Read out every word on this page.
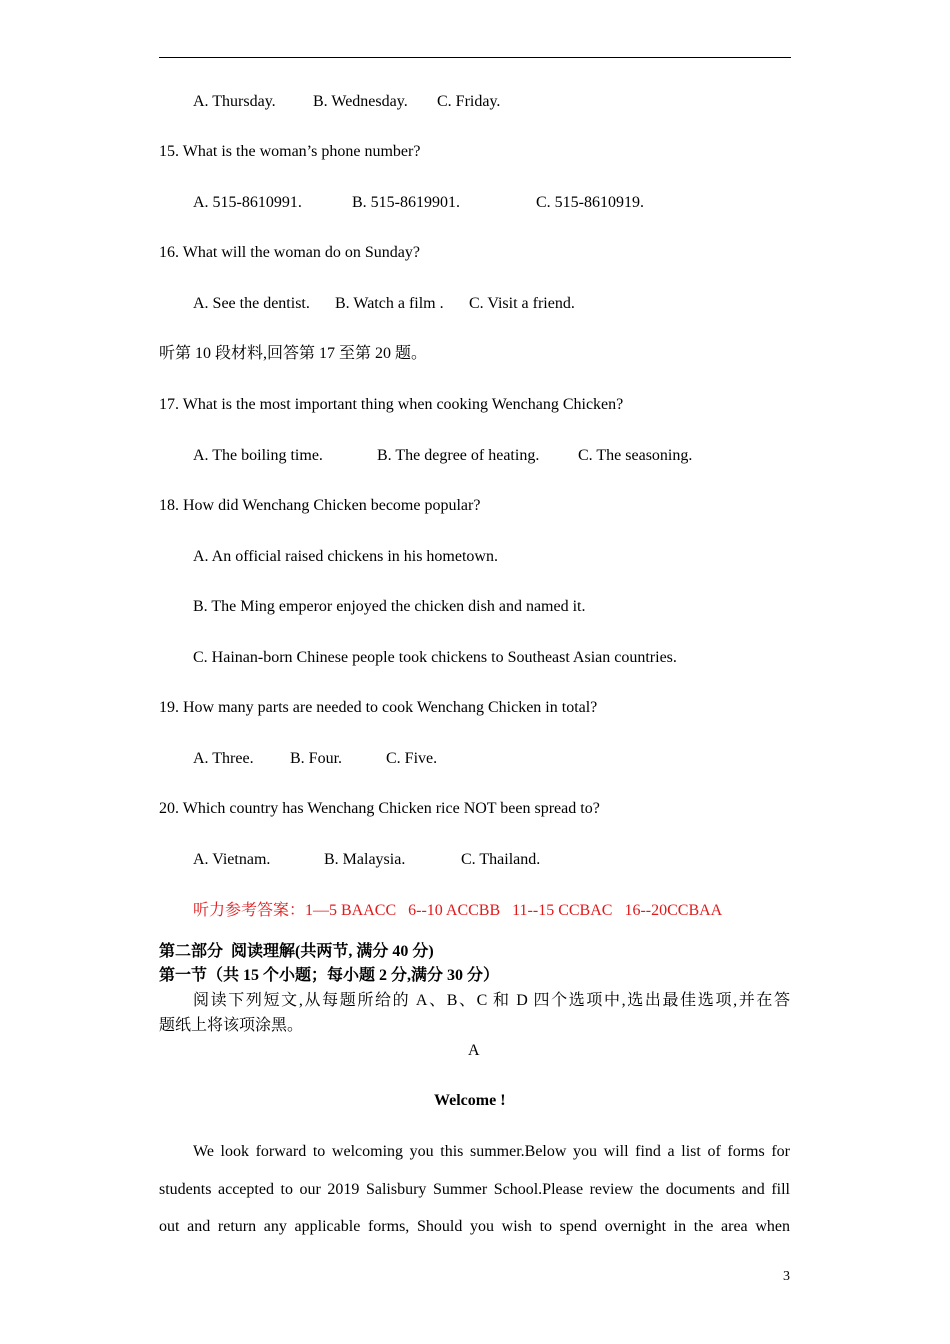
A. Thursday. B. Wednesday. C. Friday.
15. What is the woman’s phone number?
A. 515-8610991.	B. 515-8619901.	C. 515-8610919.
16. What will the woman do on Sunday?
A. See the dentist. B. Watch a film . C. Visit a friend.
听第 10 段材料,回答第 17 至第 20 题。
17. What is the most important thing when cooking Wenchang Chicken?
A. The boiling time.	B. The degree of heating. C. The seasoning.
18. How did Wenchang Chicken become popular?
A. An official raised chickens in his hometown.
B. The Ming emperor enjoyed the chicken dish and named it.
C. Hainan-born Chinese people took chickens to Southeast Asian countries.
19. How many parts are needed to cook Wenchang Chicken in total?
A. Three. B. Four.	C. Five.
20. Which country has Wenchang Chicken rice NOT been spread to?
A. Vietnam.	B. Malaysia.	C. Thailand.
听力参考答案：1—5 BAACC   6--10 ACCBB   11--15 CCBAC   16--20CCBAA
第二部分  阅读理解(共两节, 满分 40 分)
第一节（共 15 个小题；每小题 2 分,满分 30 分）
阅读下列短文,从每题所给的 A、B、C 和 D 四个选项中,选出最佳选项,并在答
题纸上将该项涂黑。
A
Welcome !
We look forward to welcoming you this summer.Below you will find a list of forms for
students accepted to our 2019 Salisbury Summer School.Please review the documents and fill
out and return any applicable forms, Should you wish to spend overnight in the area when
3
